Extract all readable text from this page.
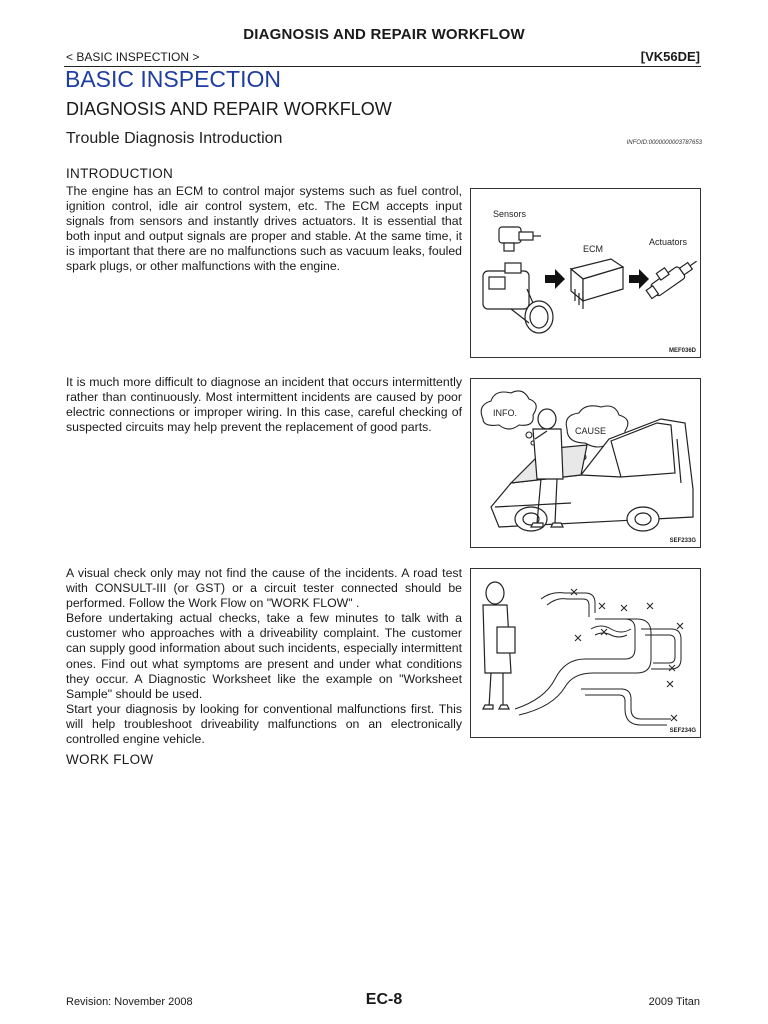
DIAGNOSIS AND REPAIR WORKFLOW
< BASIC INSPECTION >	[VK56DE]
BASIC INSPECTION
DIAGNOSIS AND REPAIR WORKFLOW
Trouble Diagnosis Introduction	INFOID:0000000003787653
INTRODUCTION

The engine has an ECM to control major systems such as fuel control, ignition control, idle air control system, etc. The ECM accepts input signals from sensors and instantly drives actuators. It is essential that both input and output signals are proper and stable. At the same time, it is important that there are no malfunctions such as vacuum leaks, fouled spark plugs, or other malfunctions with the engine.

It is much more difficult to diagnose an incident that occurs intermittently rather than continuously. Most intermittent incidents are caused by poor electric connections or improper wiring. In this case, careful checking of suspected circuits may help prevent the replacement of good parts.

A visual check only may not find the cause of the incidents. A road test with CONSULT-III (or GST) or a circuit tester connected should be performed. Follow the Work Flow on "WORK FLOW" .

Before undertaking actual checks, take a few minutes to talk with a customer who approaches with a driveability complaint. The customer can supply good information about such incidents, especially intermittent ones. Find out what symptoms are present and under what conditions they occur. A Diagnostic Worksheet like the example on "Worksheet Sample" should be used.

Start your diagnosis by looking for conventional malfunctions first. This will help troubleshoot driveability malfunctions on an electronically controlled engine vehicle.

WORK FLOW
Sensors
ECM
Actuators
MEF036D
INFO.
CAUSE
SEF233G
SEF234G
Revision: November 2008	EC-8	2009 Titan
